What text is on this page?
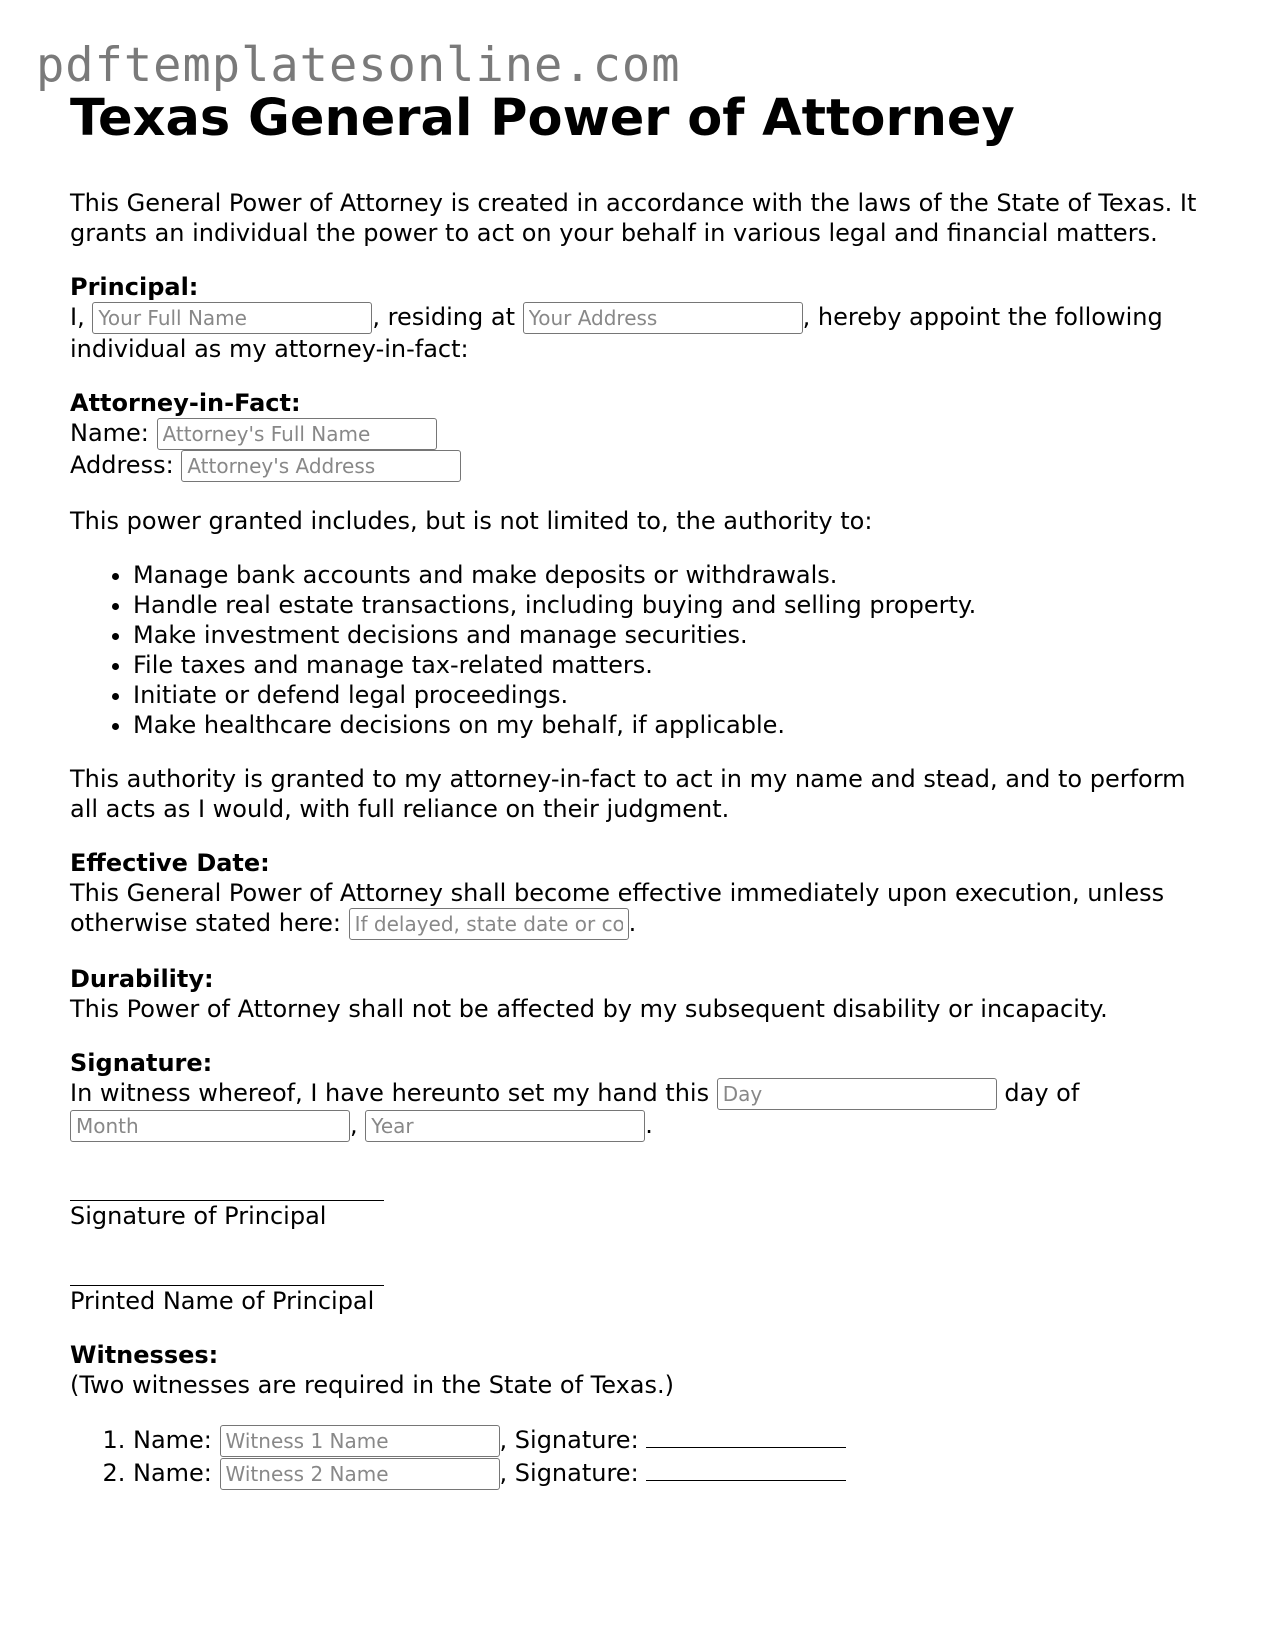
pdftemplatesonline.com
Texas General Power of Attorney

This General Power of Attorney is created in accordance with the laws of the State of Texas. It grants an individual the power to act on your behalf in various legal and financial matters.

Principal:
I, Your Full Name	, residing at Your Address	, hereby appoint the following individual as my attorney-in-fact:

Attorney-in-Fact:
Name: Attorney's Full Name
Address: Attorney's Address

This power granted includes, but is not limited to, the authority to:

• Manage bank accounts and make deposits or withdrawals.
• Handle real estate transactions, including buying and selling property.
• Make investment decisions and manage securities.
• File taxes and manage tax-related matters.
• Initiate or defend legal proceedings.
• Make healthcare decisions on my behalf, if applicable.

This authority is granted to my attorney-in-fact to act in my name and stead, and to perform all acts as I would, with full reliance on their judgment.

Effective Date:
This General Power of Attorney shall become effective immediately upon execution, unless otherwise stated here: If delayed, state date or condition	.

Durability:
This Power of Attorney shall not be affected by my subsequent disability or incapacity.

Signature:
In witness whereof, I have hereunto set my hand this Day	day of Month, Year	.

Signature of Principal
Printed Name of Principal

Witnesses:
(Two witnesses are required in the State of Texas.)

1. Name: Witness 1 Name	, Signature:
2. Name: Witness 2 Name	, Signature:
